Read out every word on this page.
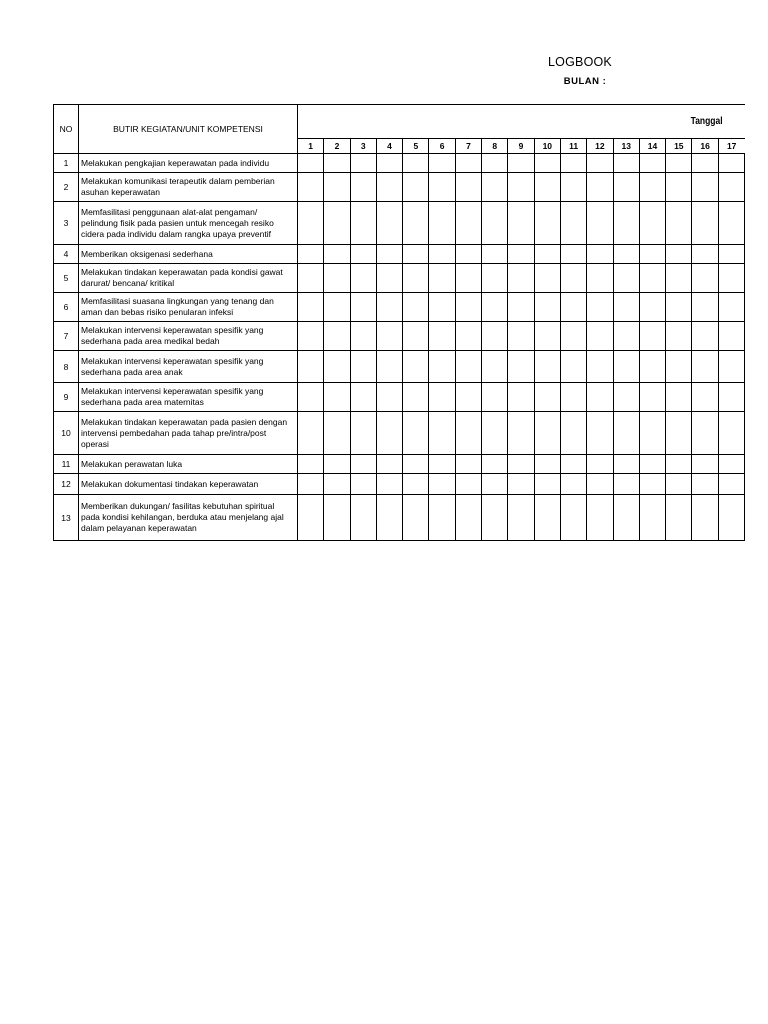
LOGBOOK
BULAN :
NO	BUTIR KEGIATAN/UNIT KOMPETENSI	Tanggal																
		1	2	3	4	5	6	7	8	9	10	11	12	13	14	15	16	17
1	Melakukan pengkajian keperawatan pada individu																	
2	Melakukan komunikasi terapeutik dalam pemberian asuhan keperawatan																	
3	Memfasilitasi penggunaan alat-alat pengaman/ pelindung fisik pada pasien untuk mencegah resiko cidera pada individu dalam rangka upaya preventif																	
4	Memberikan oksigenasi sederhana																	
5	Melakukan tindakan keperawatan pada kondisi gawat darurat/ bencana/ kritikal																	
6	Memfasilitasi suasana lingkungan yang tenang dan aman dan bebas risiko penularan infeksi																	
7	Melakukan intervensi keperawatan spesifik yang sederhana pada area medikal bedah																	
8	Melakukan intervensi keperawatan spesifik yang sederhana pada area anak																	
9	Melakukan intervensi keperawatan spesifik yang sederhana pada area maternitas																	
10	Melakukan tindakan keperawatan pada pasien dengan intervensi pembedahan pada tahap pre/intra/post operasi																	
11	Melakukan perawatan luka																	
12	Melakukan dokumentasi tindakan keperawatan																	
13	Memberikan dukungan/ fasilitas kebutuhan spiritual pada kondisi kehilangan, berduka atau menjelang ajal dalam pelayanan keperawatan																	
